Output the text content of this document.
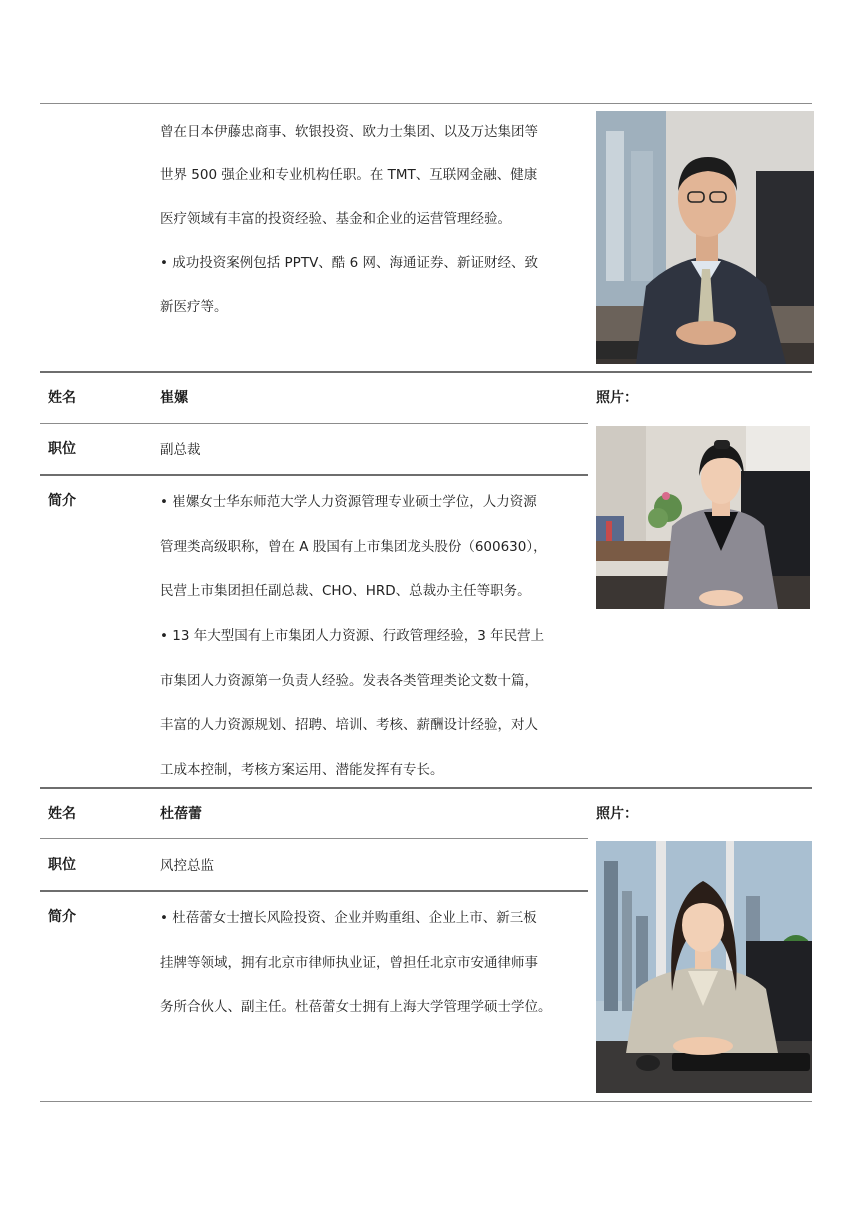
曾在日本伊藤忠商事、软银投资、欧力士集团、以及万达集团等
世界 500 强企业和专业机构任职。在 TMT、互联网金融、健康
医疗领域有丰富的投资经验、基金和企业的运营管理经验。
• 成功投资案例包括 PPTV、酷 6 网、海通证券、新证财经、致
新医疗等。
姓名	崔嫘	照片：
职位	副总裁
简介	• 崔嫘女士华东师范大学人力资源管理专业硕士学位，人力资源
管理类高级职称，曾在 A 股国有上市集团龙头股份（600630），
民营上市集团担任副总裁、CHO、HRD、总裁办主任等职务。
• 13 年大型国有上市集团人力资源、行政管理经验，3 年民营上
市集团人力资源第一负责人经验。发表各类管理类论文数十篇，
丰富的人力资源规划、招聘、培训、考核、薪酬设计经验，对人
工成本控制，考核方案运用、潜能发挥有专长。
姓名	杜蓓蕾	照片：
职位	风控总监
简介	• 杜蓓蕾女士擅长风险投资、企业并购重组、企业上市、新三板
挂牌等领域，拥有北京市律师执业证，曾担任北京市安通律师事
务所合伙人、副主任。杜蓓蕾女士拥有上海大学管理学硕士学位。
